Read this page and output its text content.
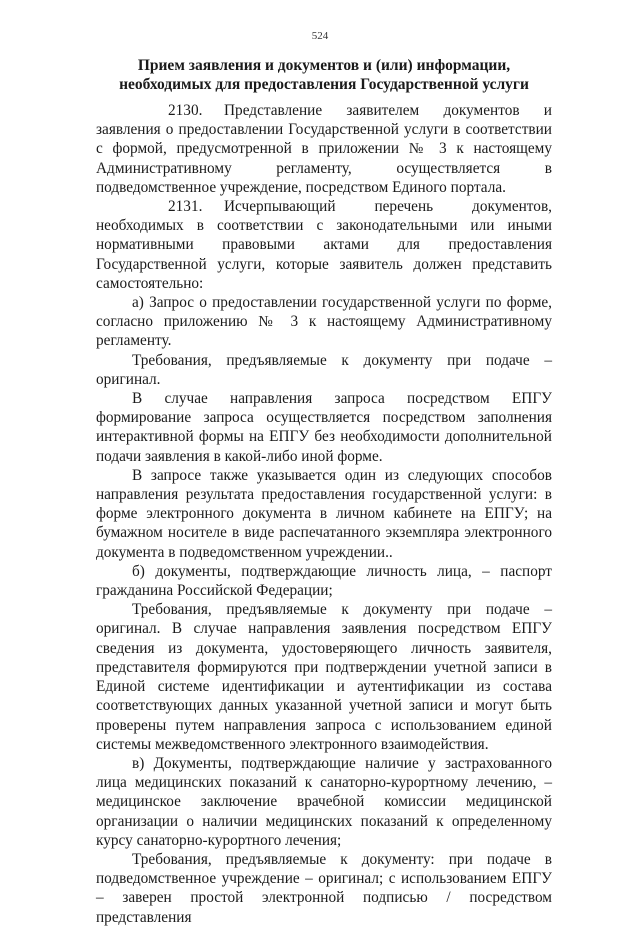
524
Прием заявления и документов и (или) информации,
необходимых для предоставления Государственной услуги

2130. Представление заявителем документов и заявления о предоставлении Государственной услуги в соответствии с формой, предусмотренной в приложении № 3 к настоящему Административному регламенту, осуществляется в подведомственное учреждение, посредством Единого портала.

2131. Исчерпывающий перечень документов, необходимых в соответствии с законодательными или иными нормативными правовыми актами для предоставления Государственной услуги, которые заявитель должен представить самостоятельно:

а) Запрос о предоставлении государственной услуги по форме, согласно приложению № 3 к настоящему Административному регламенту.

Требования, предъявляемые к документу при подаче – оригинал.

В случае направления запроса посредством ЕПГУ формирование запроса осуществляется посредством заполнения интерактивной формы на ЕПГУ без необходимости дополнительной подачи заявления в какой-либо иной форме.

В запросе также указывается один из следующих способов направления результата предоставления государственной услуги: в форме электронного документа в личном кабинете на ЕПГУ; на бумажном носителе в виде распечатанного экземпляра электронного документа в подведомственном учреждении..

б) документы, подтверждающие личность лица, – паспорт гражданина Российской Федерации;

Требования, предъявляемые к документу при подаче – оригинал. В случае направления заявления посредством ЕПГУ сведения из документа, удостоверяющего личность заявителя, представителя формируются при подтверждении учетной записи в Единой системе идентификации и аутентификации из состава соответствующих данных указанной учетной записи и могут быть проверены путем направления запроса с использованием единой системы межведомственного электронного взаимодействия.

в) Документы, подтверждающие наличие у застрахованного лица медицинских показаний к санаторно-курортному лечению, – медицинское заключение врачебной комиссии медицинской организации о наличии медицинских показаний к определенному курсу санаторно-курортного лечения;

Требования, предъявляемые к документу: при подаче в подведомственное учреждение – оригинал; с использованием ЕПГУ – заверен простой электронной подписью / посредством представления
